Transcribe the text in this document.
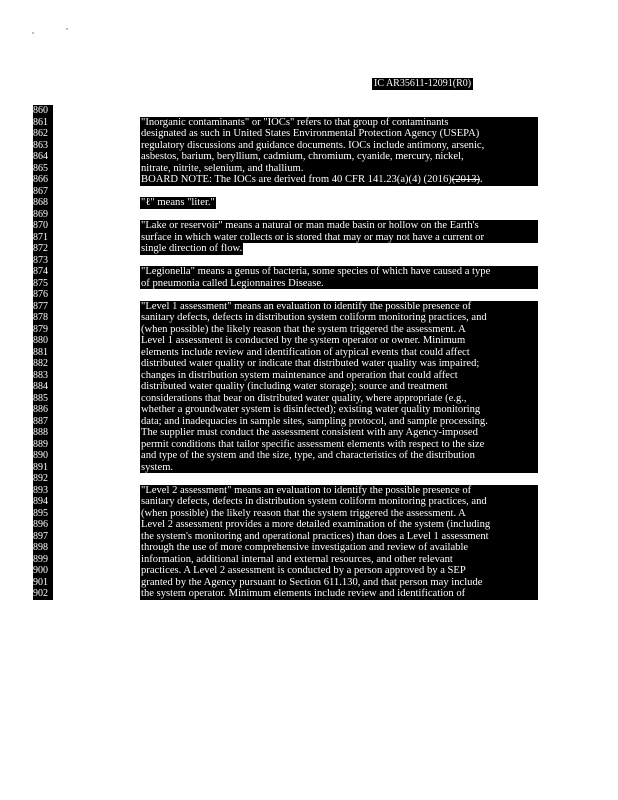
IC AR35611-12091(R0)
860
861
862
863
864
865
866
867
868
869
870
871
872
873
874
875
876
877
878
879
880
881
882
883
884
885
886
887
888
889
890
891
892
893
894
895
896
897
898
899
900
901
902
"Inorganic contaminants" or "IOCs" refers to that group of contaminants
designated as such in United States Environmental Protection Agency (USEPA)
regulatory discussions and guidance documents. IOCs include antimony, arsenic,
asbestos, barium, beryllium, cadmium, chromium, cyanide, mercury, nickel,
nitrate, nitrite, selenium, and thallium.
BOARD NOTE: The IOCs are derived from 40 CFR 141.23(a)(4) (2016)(2013).
"ℓ" means "liter."
"Lake or reservoir" means a natural or man made basin or hollow on the Earth's
surface in which water collects or is stored that may or may not have a current or
single direction of flow.
"Legionella" means a genus of bacteria, some species of which have caused a type
of pneumonia called Legionnaires Disease.
"Level 1 assessment" means an evaluation to identify the possible presence of
sanitary defects, defects in distribution system coliform monitoring practices, and
(when possible) the likely reason that the system triggered the assessment. A
Level 1 assessment is conducted by the system operator or owner. Minimum
elements include review and identification of atypical events that could affect
distributed water quality or indicate that distributed water quality was impaired;
changes in distribution system maintenance and operation that could affect
distributed water quality (including water storage); source and treatment
considerations that bear on distributed water quality, where appropriate (e.g.,
whether a groundwater system is disinfected); existing water quality monitoring
data; and inadequacies in sample sites, sampling protocol, and sample processing.
The supplier must conduct the assessment consistent with any Agency-imposed
permit conditions that tailor specific assessment elements with respect to the size
and type of the system and the size, type, and characteristics of the distribution
system.
"Level 2 assessment" means an evaluation to identify the possible presence of
sanitary defects, defects in distribution system coliform monitoring practices, and
(when possible) the likely reason that the system triggered the assessment. A
Level 2 assessment provides a more detailed examination of the system (including
the system's monitoring and operational practices) than does a Level 1 assessment
through the use of more comprehensive investigation and review of available
information, additional internal and external resources, and other relevant
practices. A Level 2 assessment is conducted by a person approved by a SEP
granted by the Agency pursuant to Section 611.130, and that person may include
the system operator. Minimum elements include review and identification of
